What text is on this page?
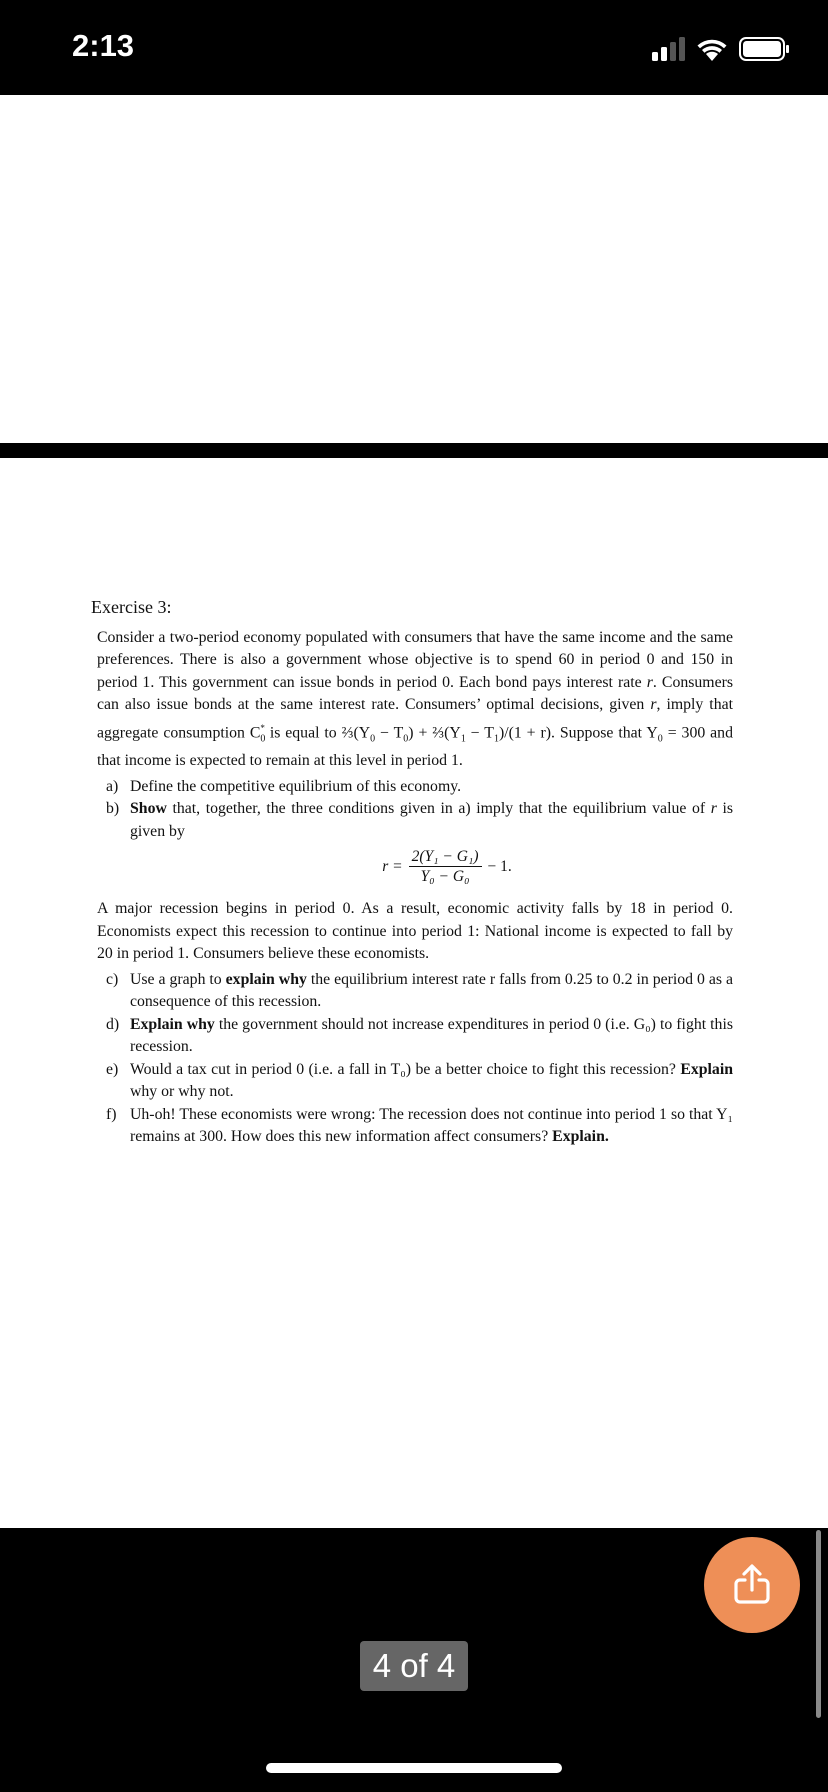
2:13
Exercise 3:

Consider a two-period economy populated with consumers that have the same income and the same preferences. There is also a government whose objective is to spend 60 in period 0 and 150 in period 1. This government can issue bonds in period 0. Each bond pays interest rate r. Consumers can also issue bonds at the same interest rate. Consumers’ optimal decisions, given r, imply that aggregate consumption $C_0^*$ is equal to $\frac{2}{3}(Y_0 - T_0)$ + $\frac{2}{3}(Y_1 - T_1)/(1 + r)$. Suppose that $Y_0 = 300$ and that income is expected to remain at this level in period 1.

a) Define the competitive equilibrium of this economy.
b) Show that, together, the three conditions given in a) imply that the equilibrium value of r is given by
$r = \frac{\text{2(Y₁ − G₁)}}{\text{Y₀ − G₀}} - 1$.

A major recession begins in period 0. As a result, economic activity falls by 18 in period 0. Economists expect this recession to continue into period 1: National income is expected to fall by 20 in period 1. Consumers believe these economists.

c) Use a graph to explain why the equilibrium interest rate r falls from 0.25 to 0.2 in period 0 as a consequence of this recession.
d) Explain why the government should not increase expenditures in period 0 (i.e. G₀) to fight this recession.
e) Would a tax cut in period 0 (i.e. a fall in T₀) be a better choice to fight this recession? Explain why or why not.
f) Uh-oh! These economists were wrong: The recession does not continue into period 1 so that Y₁ remains at 300. How does this new information affect consumers? Explain.
4 of 4
